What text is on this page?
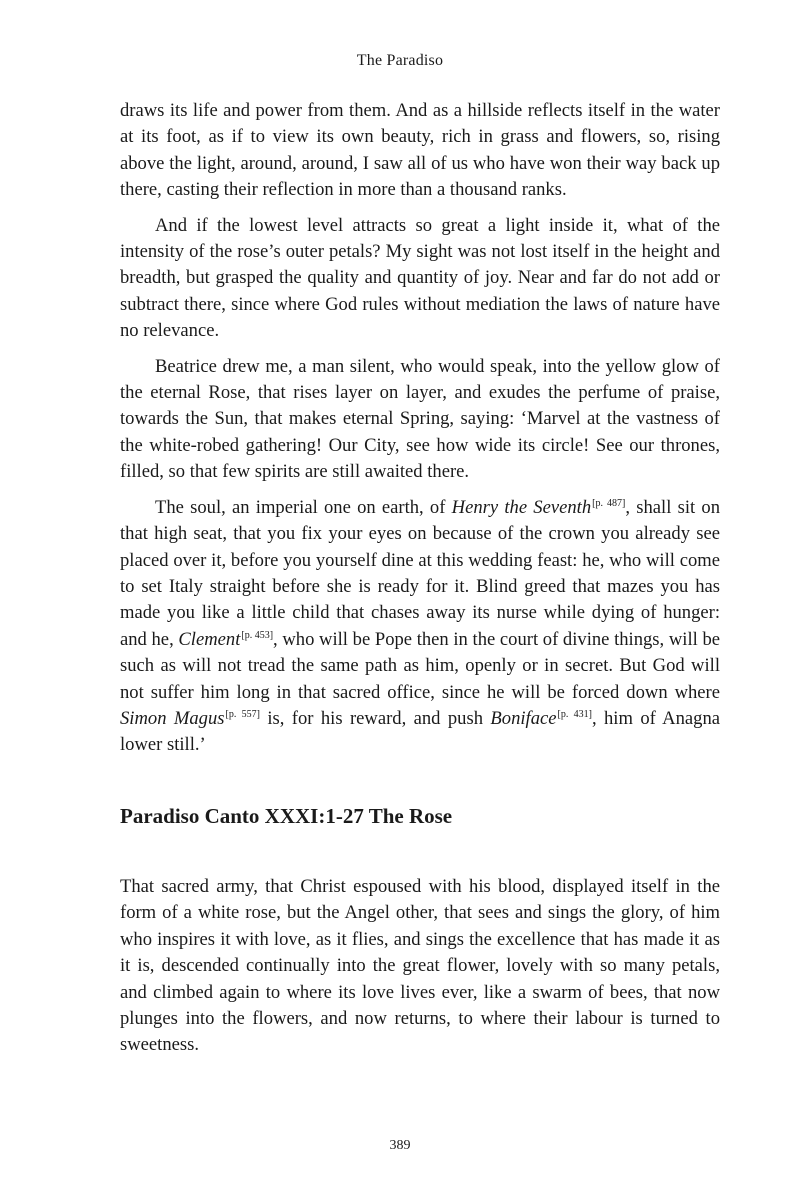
The Paradiso

draws its life and power from them. And as a hillside reflects itself in the water at its foot, as if to view its own beauty, rich in grass and flowers, so, rising above the light, around, around, I saw all of us who have won their way back up there, casting their reflection in more than a thousand ranks.

And if the lowest level attracts so great a light inside it, what of the intensity of the rose’s outer petals? My sight was not lost itself in the height and breadth, but grasped the quality and quantity of joy. Near and far do not add or subtract there, since where God rules without mediation the laws of nature have no relevance.

Beatrice drew me, a man silent, who would speak, into the yellow glow of the eternal Rose, that rises layer on layer, and exudes the perfume of praise, towards the Sun, that makes eternal Spring, saying: ‘Marvel at the vastness of the white-robed gathering! Our City, see how wide its circle! See our thrones, filled, so that few spirits are still awaited there.

The soul, an imperial one on earth, of Henry the Seventh[p. 487], shall sit on that high seat, that you fix your eyes on because of the crown you already see placed over it, before you yourself dine at this wedding feast: he, who will come to set Italy straight before she is ready for it. Blind greed that mazes you has made you like a little child that chases away its nurse while dying of hunger: and he, Clement[p. 453], who will be Pope then in the court of divine things, will be such as will not tread the same path as him, openly or in secret. But God will not suffer him long in that sacred office, since he will be forced down where Simon Magus[p. 557] is, for his reward, and push Boniface[p. 431], him of Anagna lower still.’

Paradiso Canto XXXI:1-27 The Rose

That sacred army, that Christ espoused with his blood, displayed itself in the form of a white rose, but the Angel other, that sees and sings the glory, of him who inspires it with love, as it flies, and sings the excellence that has made it as it is, descended continually into the great flower, lovely with so many petals, and climbed again to where its love lives ever, like a swarm of bees, that now plunges into the flowers, and now returns, to where their labour is turned to sweetness.

389
